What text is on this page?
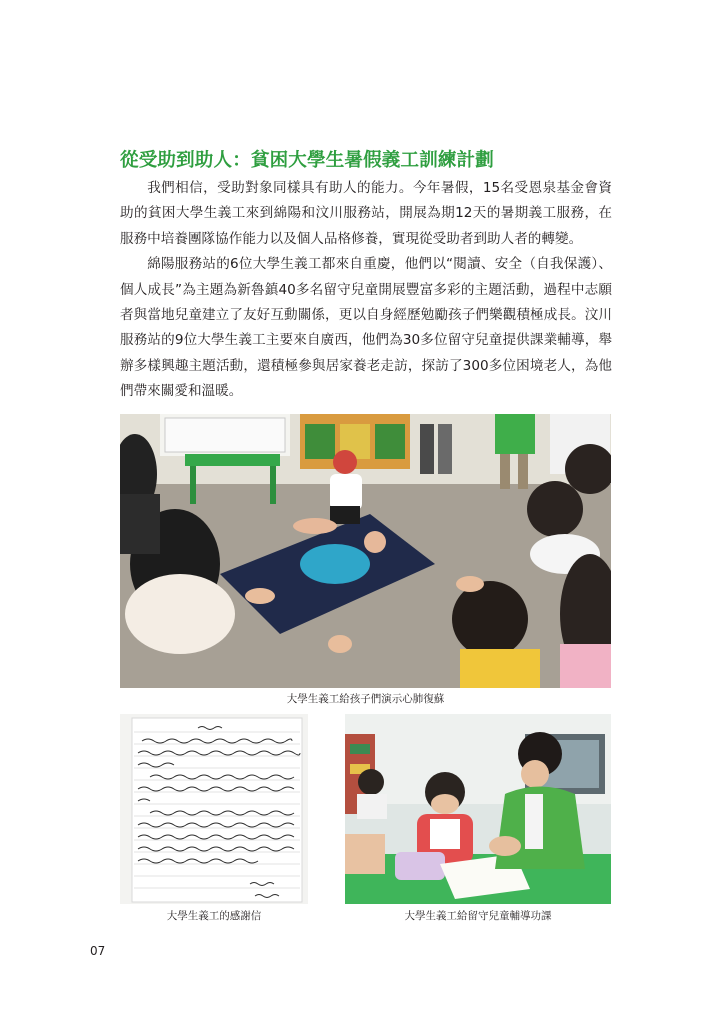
從受助到助人：貧困大學生暑假義工訓練計劃

我們相信，受助對象同樣具有助人的能力。今年暑假，15名受恩泉基金會資助的貧困大學生義工來到綿陽和汶川服務站，開展為期12天的暑期義工服務，在服務中培養團隊協作能力以及個人品格修養，實現從受助者到助人者的轉變。

綿陽服務站的6位大學生義工都來自重慶，他們以“閱讀、安全（自我保護）、個人成長”為主題為新魯鎮40多名留守兒童開展豐富多彩的主題活動，過程中志願者與當地兒童建立了友好互動關係，更以自身經歷勉勵孩子們樂觀積極成長。汶川服務站的9位大學生義工主要來自廣西，他們為30多位留守兒童提供課業輔導，舉辦多樣興趣主題活動，還積極參與居家養老走訪，探訪了300多位困境老人，為他們帶來關愛和溫暖。

大學生義工給孩子們演示心肺復蘇
大學生義工的感謝信	大學生義工給留守兒童輔導功課
07
